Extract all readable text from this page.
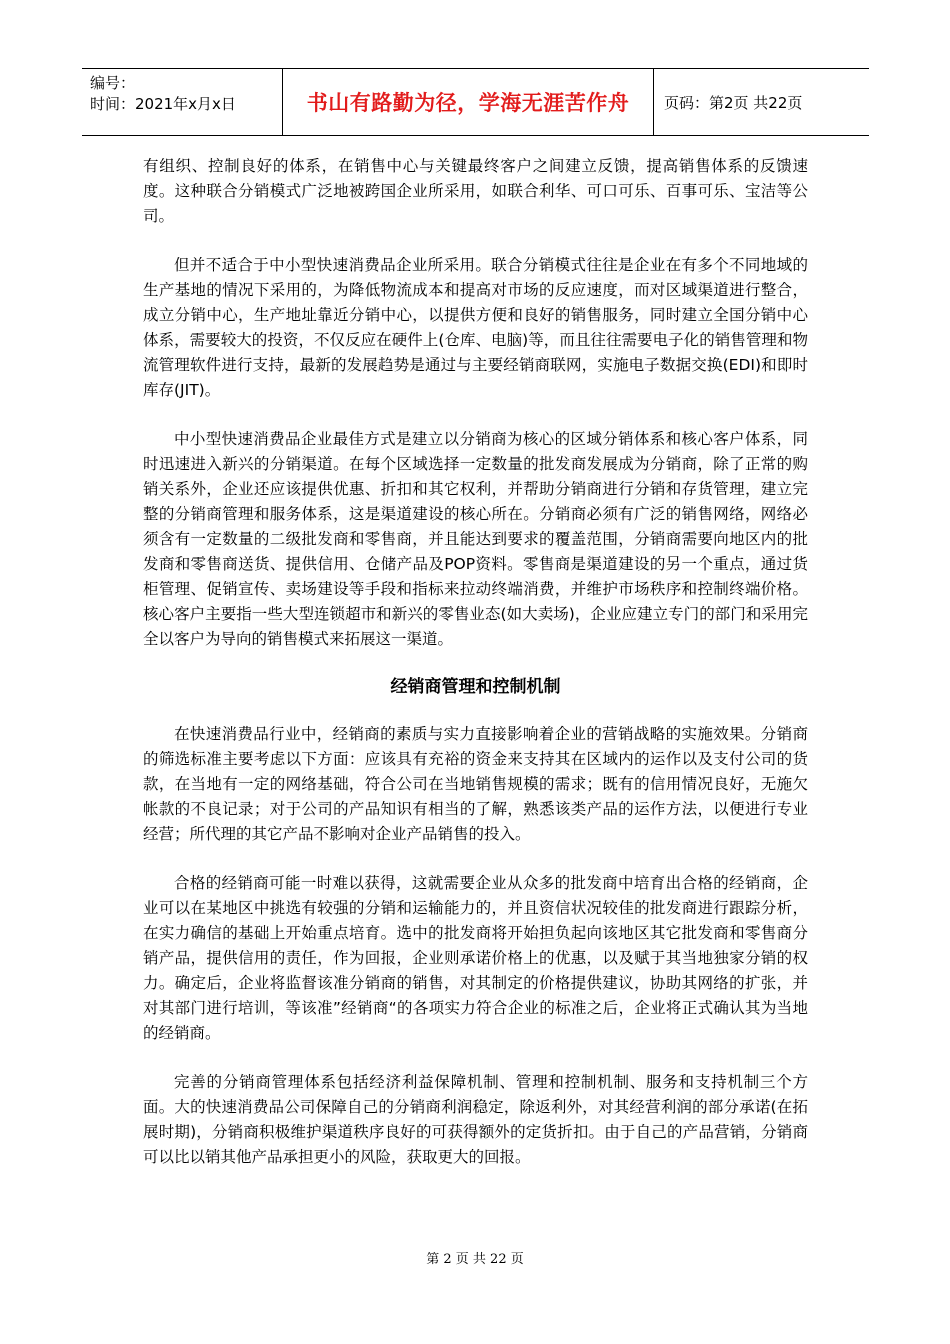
编号：
时间：2021年x月x日	书山有路勤为径，学海无涯苦作舟	页码：第2页 共22页

有组织、控制良好的体系，在销售中心与关键最终客户之间建立反馈，提高销售体系的反馈速度。这种联合分销模式广泛地被跨国企业所采用，如联合利华、可口可乐、百事可乐、宝洁等公司。

但并不适合于中小型快速消费品企业所采用。联合分销模式往往是企业在有多个不同地域的生产基地的情况下采用的，为降低物流成本和提高对市场的反应速度，而对区域渠道进行整合，成立分销中心，生产地址靠近分销中心，以提供方便和良好的销售服务，同时建立全国分销中心体系，需要较大的投资，不仅反应在硬件上(仓库、电脑)等，而且往往需要电子化的销售管理和物流管理软件进行支持，最新的发展趋势是通过与主要经销商联网，实施电子数据交换(EDI)和即时库存(JIT)。

中小型快速消费品企业最佳方式是建立以分销商为核心的区域分销体系和核心客户体系，同时迅速进入新兴的分销渠道。在每个区域选择一定数量的批发商发展成为分销商，除了正常的购销关系外，企业还应该提供优惠、折扣和其它权利，并帮助分销商进行分销和存货管理，建立完整的分销商管理和服务体系，这是渠道建设的核心所在。分销商必须有广泛的销售网络，网络必须含有一定数量的二级批发商和零售商，并且能达到要求的覆盖范围，分销商需要向地区内的批发商和零售商送货、提供信用、仓储产品及POP资料。零售商是渠道建设的另一个重点，通过货柜管理、促销宣传、卖场建设等手段和指标来拉动终端消费，并维护市场秩序和控制终端价格。核心客户主要指一些大型连锁超市和新兴的零售业态(如大卖场)，企业应建立专门的部门和采用完全以客户为导向的销售模式来拓展这一渠道。

经销商管理和控制机制

在快速消费品行业中，经销商的素质与实力直接影响着企业的营销战略的实施效果。分销商的筛选标准主要考虑以下方面：应该具有充裕的资金来支持其在区域内的运作以及支付公司的货款，在当地有一定的网络基础，符合公司在当地销售规模的需求；既有的信用情况良好，无施欠帐款的不良记录；对于公司的产品知识有相当的了解，熟悉该类产品的运作方法，以便进行专业经营；所代理的其它产品不影响对企业产品销售的投入。

合格的经销商可能一时难以获得，这就需要企业从众多的批发商中培育出合格的经销商，企业可以在某地区中挑选有较强的分销和运输能力的，并且资信状况较佳的批发商进行跟踪分析，在实力确信的基础上开始重点培育。选中的批发商将开始担负起向该地区其它批发商和零售商分销产品，提供信用的责任，作为回报，企业则承诺价格上的优惠，以及赋于其当地独家分销的权力。确定后，企业将监督该准分销商的销售，对其制定的价格提供建议，协助其网络的扩张，并对其部门进行培训，等该准”经销商“的各项实力符合企业的标准之后，企业将正式确认其为当地的经销商。

完善的分销商管理体系包括经济利益保障机制、管理和控制机制、服务和支持机制三个方面。大的快速消费品公司保障自己的分销商利润稳定，除返利外，对其经营利润的部分承诺(在拓展时期)，分销商积极维护渠道秩序良好的可获得额外的定货折扣。由于自己的产品营销，分销商可以比以销其他产品承担更小的风险，获取更大的回报。

第 2 页 共 22 页
